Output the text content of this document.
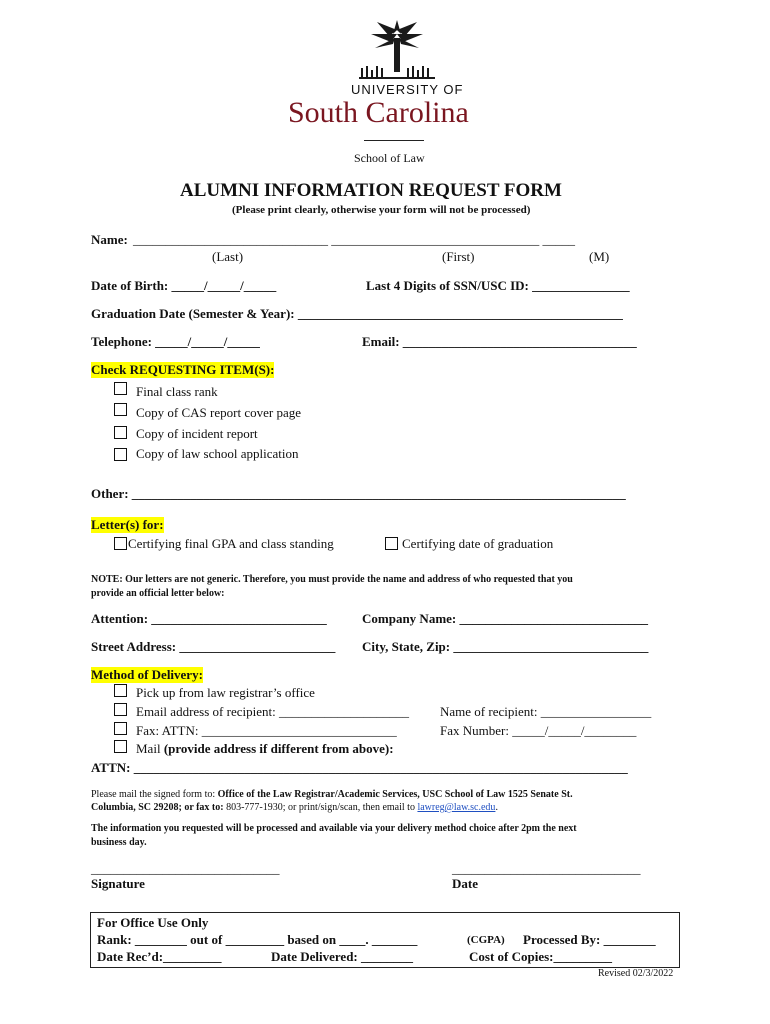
UNIVERSITY OF
South Carolina
School of Law
ALUMNI INFORMATION REQUEST FORM
(Please print clearly, otherwise your form will not be processed)
Name: ______________________________ ________________________________ _____
(Last)	(First)	(M)
Date of Birth: _____/_____/_____	Last 4 Digits of SSN/USC ID: _______________
Graduation Date (Semester & Year): __________________________________________________
Telephone: _____/_____/_____	Email: ____________________________________
Check REQUESTING ITEM(S):
Final class rank
Copy of CAS report cover page
Copy of incident report
Copy of law school application
Other: ____________________________________________________________________________
Letter(s) for:
Certifying final GPA and class standing	Certifying date of graduation
NOTE: Our letters are not generic. Therefore, you must provide the name and address of who requested that you
provide an official letter below:
Attention: ___________________________	Company Name: _____________________________
Street Address: ________________________ City, State, Zip: ______________________________
Method of Delivery:
Pick up from law registrar’s office
Email address of recipient: ____________________ Name of recipient: _________________
Fax: ATTN: ______________________________	Fax Number: _____/_____/________
Mail (provide address if different from above):
ATTN: ____________________________________________________________________________
Please mail the signed form to: Office of the Law Registrar/Academic Services, USC School of Law 1525 Senate St.
Columbia, SC 29208; or fax to: 803-777-1930; or print/sign/scan, then email to lawreg@law.sc.edu.
The information you requested will be processed and available via your delivery method choice after 2pm the next
business day.
_____________________________
Signature
_____________________________
Date
For Office Use Only
Rank: ________ out of _________ based on ____. _______	(CGPA) Processed By: ________
Date Rec’d:_________	Date Delivered: ________	Cost of Copies:_________
Revised 02/3/2022
